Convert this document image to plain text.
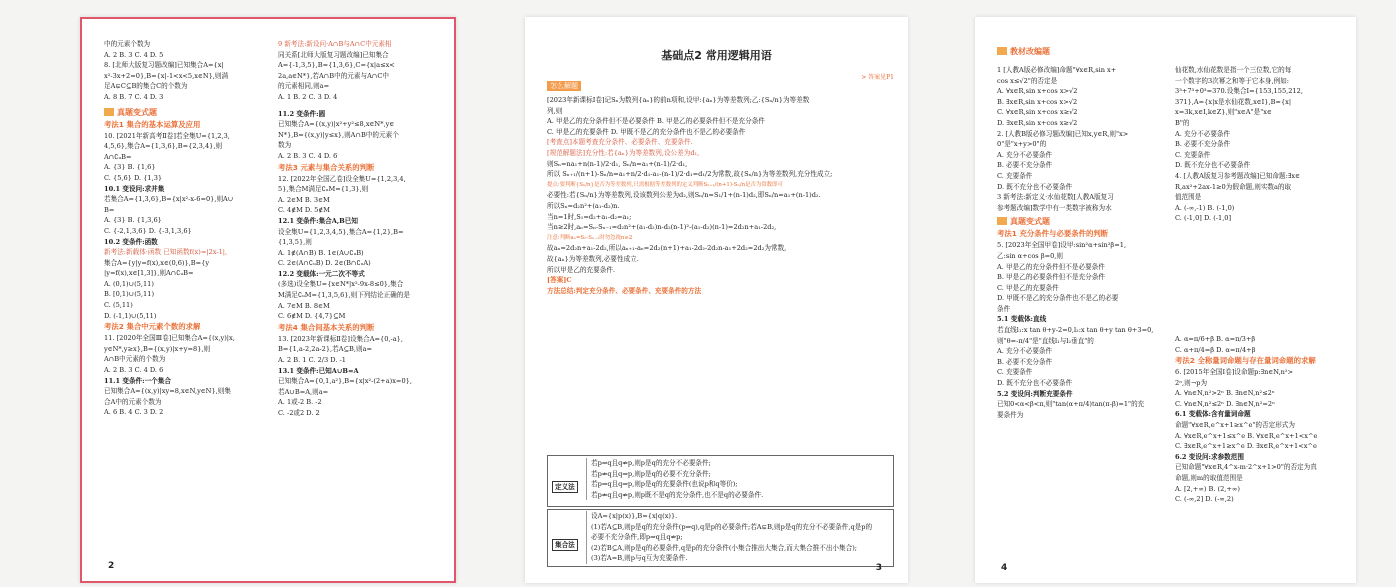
中的元素个数为
A. 2 B. 3 C. 4 D. 5
8. [北师大版复习题改编]已知集合A={x|
x²-3x+2=0},B={x|-1<x<5,x∈N},则满
足A⊊C⊆B的集合C的个数为
A. 8 B. 7 C. 4 D. 3
真题变式题
考法1 集合的基本运算及应用
10. [2021年新高考Ⅱ卷]若全集U={1,2,3,
4,5,6},集合A={1,3,6},B={2,3,4},则
A∩∁ᵤB=
A. {3} B. {1,6}
C. {5,6} D. {1,3}
10.1 变设问:求并集
若集合A={1,3,6},B={x|x²-x-6=0},则A∪
B=
A. {3} B. {1,3,6}
C. {-2,1,3,6} D. {-3,1,3,6}
10.2 变条件:函数
新考法:新载体·函数 已知函数f(x)=|2x-1|,
集合A={y|y=f(x),x∈(0,6)},B={y
|y=f(x),x∈[1,3]},则A∩∁ᵤB=
A. (0,1)∪(5,11)
B. [0,1)∪(5,11)
C. (5,11)
D. (-1,1)∪(5,11)
考法2 集合中元素个数的求解
11. [2020年全国Ⅲ卷]已知集合A={(x,y)|x,
y∈N*,y≥x},B={(x,y)|x+y=8},则
A∩B中元素的个数为
A. 2 B. 3 C. 4 D. 6
11.1 变条件:一个集合
已知集合A={(x,y)|xy=8,x∈N,y∈N},则集
合A中的元素个数为
A. 6 B. 4 C. 3 D. 2
9 新考法:新设问·A∩B与A∩C中元素相
同关系[北师大版复习题改编]已知集合
A={-1,3,5},B={1,3,6},C={x|a≤x<
2a,a∈N*},若A∩B中的元素与A∩C中
的元素相同,则a=
A. 1 B. 2 C. 3 D. 4
11.2 变条件:圆
已知集合A={(x,y)|x²+y²≤8,x∈N*,y∈
N*},B={(x,y)|y≤x},则A∩B中的元素个
数为
A. 2 B. 3 C. 4 D. 6
考法3 元素与集合关系的判断
12. [2022年全国乙卷]设全集U={1,2,3,4,
5},集合M满足∁ᵤM={1,3},则
A. 2∈M B. 3∈M
C. 4∉M D. 5∉M
12.1 变条件:集合A,B已知
设全集U={1,2,3,4,5},集合A={1,2},B=
{1,3,5},则
A. 1∉(A∩B) B. 1∈(A∪∁ᵤB)
C. 2∈(A∩∁ᵤB) D. 2∈(B∩∁ᵤA)
12.2 变载体:一元二次不等式
(多选)设全集U={x∈N*|x²-9x-8≤0},集合
M满足∁ᵤM={1,3,5,6},则下列结论正确的是
A. 7∈M B. 8∈M
C. 6∉M D. {4,7}⊆M
考法4 集合间基本关系的判断
13. [2023年新课标Ⅱ卷]设集合A={0,-a},
B={1,a-2,2a-2},若A⊆B,则a=
A. 2 B. 1 C. 2/3 D. -1
13.1 变条件:已知A∪B=A
已知集合A={0,1,a²},B={x|x²-(2+a)x=0},
若A∪B=A,则a=
A. 1或-2 B. -2
C. -2或2 D. 2
2
基础点2 常用逻辑用语
> 答案见P1
怎么解题
[2023年新课标Ⅰ卷]记Sₙ为数列{aₙ}的前n项和,设甲:{aₙ}为等差数列;乙:{Sₙ/n}为等差数
列,则
A. 甲是乙的充分条件但不是必要条件 B. 甲是乙的必要条件但不是充分条件
C. 甲是乙的充要条件 D. 甲既不是乙的充分条件也不是乙的必要条件
[考查点]本题考查充分条件、必要条件、充要条件.
[规范解题法]充分性:若{aₙ}为等差数列,设公差为d₁,
则Sₙ=na₁+n(n-1)/2·d₁, Sₙ/n=a₁+(n-1)/2·d₁,
所以 Sₙ₊₁/(n+1)-Sₙ/n=a₁+n/2·d₁-a₁-(n-1)/2·d₁=d₁/2为常数,故{Sₙ/n}为等差数列,充分性成立;
提点:要判断{Sₙ/n}是否为等差数列,只需根据等差数列的定义判断Sₙ₊₁/(n+1)-Sₙ/n是否为常数即可
必要性:若{Sₙ/n}为等差数列,设该数列公差为d₂,则Sₙ/n=S₁/1+(n-1)d₂,即Sₙ/n=a₁+(n-1)d₂.
所以Sₙ=d₂n²+(a₁-d₂)n.
当n=1时,S₁=d₂+a₁-d₂=a₁;
当n≥2时,aₙ=Sₙ-Sₙ₋₁=d₂n²+(a₁-d₂)n-d₂(n-1)²-(a₁-d₂)(n-1)=2d₂n+a₁-2d₂,
注意:判断aₙ=Sₙ-Sₙ₋₁时勿忽视n≥2
故aₙ=2d₂n+a₁-2d₂,所以aₙ₊₁-aₙ=2d₂(n+1)+a₁-2d₂-2d₂n-a₁+2d₂=2d₂为常数,
故{aₙ}为等差数列,必要性成立.
所以甲是乙的充要条件.
[答案]C
方法总结:判定充分条件、必要条件、充要条件的方法
定义法
若p⇒q且q⇏p,则p是q的充分不必要条件;
若p⇏q且q⇒p,则p是q的必要不充分条件;
若p⇒q且q⇒p,则p是q的充要条件(也说p和q等价);
若p⇏q且q⇏p,则p既不是q的充分条件,也不是q的必要条件.
集合法
设A={x|p(x)},B={x|q(x)}.
(1)若A⊆B,则p是q的充分条件(p⇒q),q是p的必要条件;若A⊊B,则p是q的充分不必要条件,q是p的
必要不充分条件,即p⇒q且q⇏p;
(2)若B⊆A,则p是q的必要条件,q是p的充分条件(小集合推出大集合,而大集合推不出小集合);
(3)若A=B,则p与q互为充要条件.
3
教材改编题
1 [人教A版必修改编]命题"∀x∈R,sin x+
cos x≤√2"的否定是
A. ∀x∈R,sin x+cos x>√2
B. ∃x∈R,sin x+cos x>√2
C. ∀x∈R,sin x+cos x≥√2
D. ∃x∈R,sin x+cos x≥√2
2. [人教B版必修习题改编]已知x,y∈R,则"x>
0"是"x+y>0"的
A. 充分不必要条件
B. 必要不充分条件
C. 充要条件
D. 既不充分也不必要条件
3 新考法:新定义·水仙花数[人教A版复习
参考题改编]数学中有一类数字被称为水
真题变式题
考法1 充分条件与必要条件的判断
5. [2023年全国甲卷]设甲:sin²α+sin²β=1,
乙:sin α+cos β=0,则
A. 甲是乙的充分条件但不是必要条件
B. 甲是乙的必要条件但不是充分条件
C. 甲是乙的充要条件
D. 甲既不是乙的充分条件也不是乙的必要
条件
5.1 变载体:直线
若直线l₁:x tan θ+y-2=0,l₂:x tan θ+y tan θ+3=0,
则"θ=-π/4"是"直线l₁与l₂垂直"的
A. 充分不必要条件
B. 必要不充分条件
C. 充要条件
D. 既不充分也不必要条件
5.2 变设问:判断充要条件
已知0<α<β<π,则"tan(α+π/4)tan(π-β)=1"的充
要条件为
仙花数,水仙花数是指一个三位数,它的每
一个数字的3次幂之和等于它本身,例如:
3³+7³+0³=370.设集合I={153,155,212,
371},A={x|x是水仙花数,x∈I},B={x|
x=3k,x∈I,k∈Z},则"x∈A"是"x∈
B"的
A. 充分不必要条件
B. 必要不充分条件
C. 充要条件
D. 既不充分也不必要条件
4. [人教A版复习参考题改编]已知命题:∃x∈
R,ax²+2ax-1≥0为假命题,则实数a的取
值范围是
A. (-∞,-1) B. (-1,0)
C. (-1,0] D. (-1,0]
A. α=π/6+β B. α=π/3+β
C. α+π/4=β D. α=π/4+β
考法2 全称量词命题与存在量词命题的求解
6. [2015年全国Ⅰ卷]设命题p:∃n∈N,n²>
2ⁿ,则¬p为
A. ∀n∈N,n²>2ⁿ B. ∃n∈N,n²≤2ⁿ
C. ∀n∈N,n²≤2ⁿ D. ∃n∈N,n²=2ⁿ
6.1 变载体:含有量词命题
命题"∀x∈R,e^x+1≥x^e"的否定形式为
A. ∀x∈R,e^x+1≤x^e B. ∀x∈R,e^x+1<x^e
C. ∃x∈R,e^x+1≥x^e D. ∃x∈R,e^x+1<x^e
6.2 变设问:求参数范围
已知命题"∀x∈R,4^x-m·2^x+1>0"的否定为真
命题,则m的取值范围是
A. [2,+∞) B. (2,+∞)
C. (-∞,2] D. (-∞,2)
4
